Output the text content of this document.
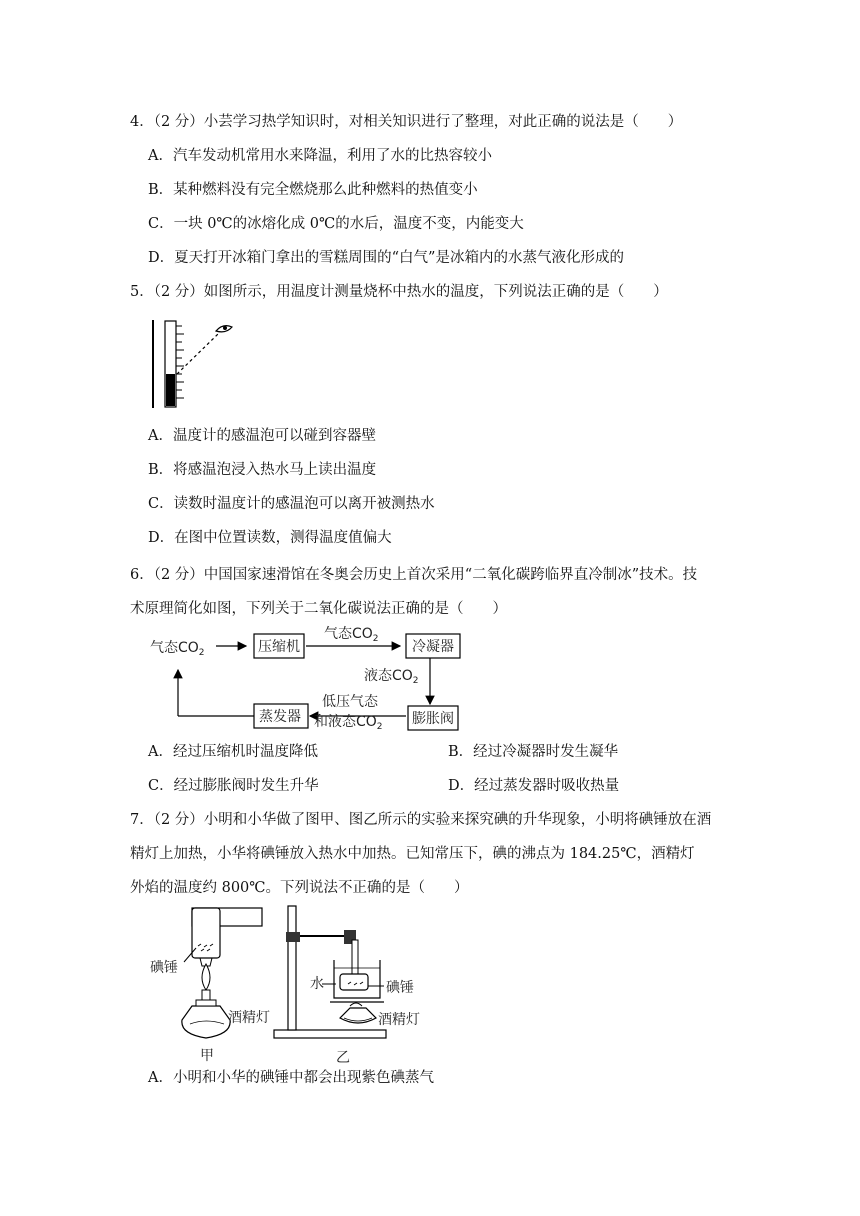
4．（2 分）小芸学习热学知识时，对相关知识进行了整理，对此正确的说法是（　　）
A．汽车发动机常用水来降温，利用了水的比热容较小
B．某种燃料没有完全燃烧那么此种燃料的热值变小
C．一块 0℃的冰熔化成 0℃的水后，温度不变，内能变大
D．夏天打开冰箱门拿出的雪糕周围的“白气”是冰箱内的水蒸气液化形成的
5．（2 分）如图所示，用温度计测量烧杯中热水的温度，下列说法正确的是（　　）
A．温度计的感温泡可以碰到容器壁
B．将感温泡浸入热水马上读出温度
C．读数时温度计的感温泡可以离开被测热水
D．在图中位置读数，测得温度值偏大
6．（2 分）中国国家速滑馆在冬奥会历史上首次采用“二氧化碳跨临界直冷制冰”技术。技
术原理简化如图，下列关于二氧化碳说法正确的是（　　）
气态$CO_2$	压缩机
气态$CO_2$ 冷凝器
液态$CO_2$
膨胀阀
低压气态
和液态$CO_2$
蒸发器
A．经过压缩机时温度降低	B．经过冷凝器时发生凝华
C．经过膨胀阀时发生升华	D．经过蒸发器时吸收热量
7．（2 分）小明和小华做了图甲、图乙所示的实验来探究碘的升华现象，小明将碘锤放在酒
精灯上加热，小华将碘锤放入热水中加热。已知常压下，碘的沸点为 184.25℃，酒精灯
外焰的温度约 800℃。下列说法不正确的是（　　）
碘锤
酒精灯
甲
水	碘锤
酒精灯
乙
A．小明和小华的碘锤中都会出现紫色碘蒸气
